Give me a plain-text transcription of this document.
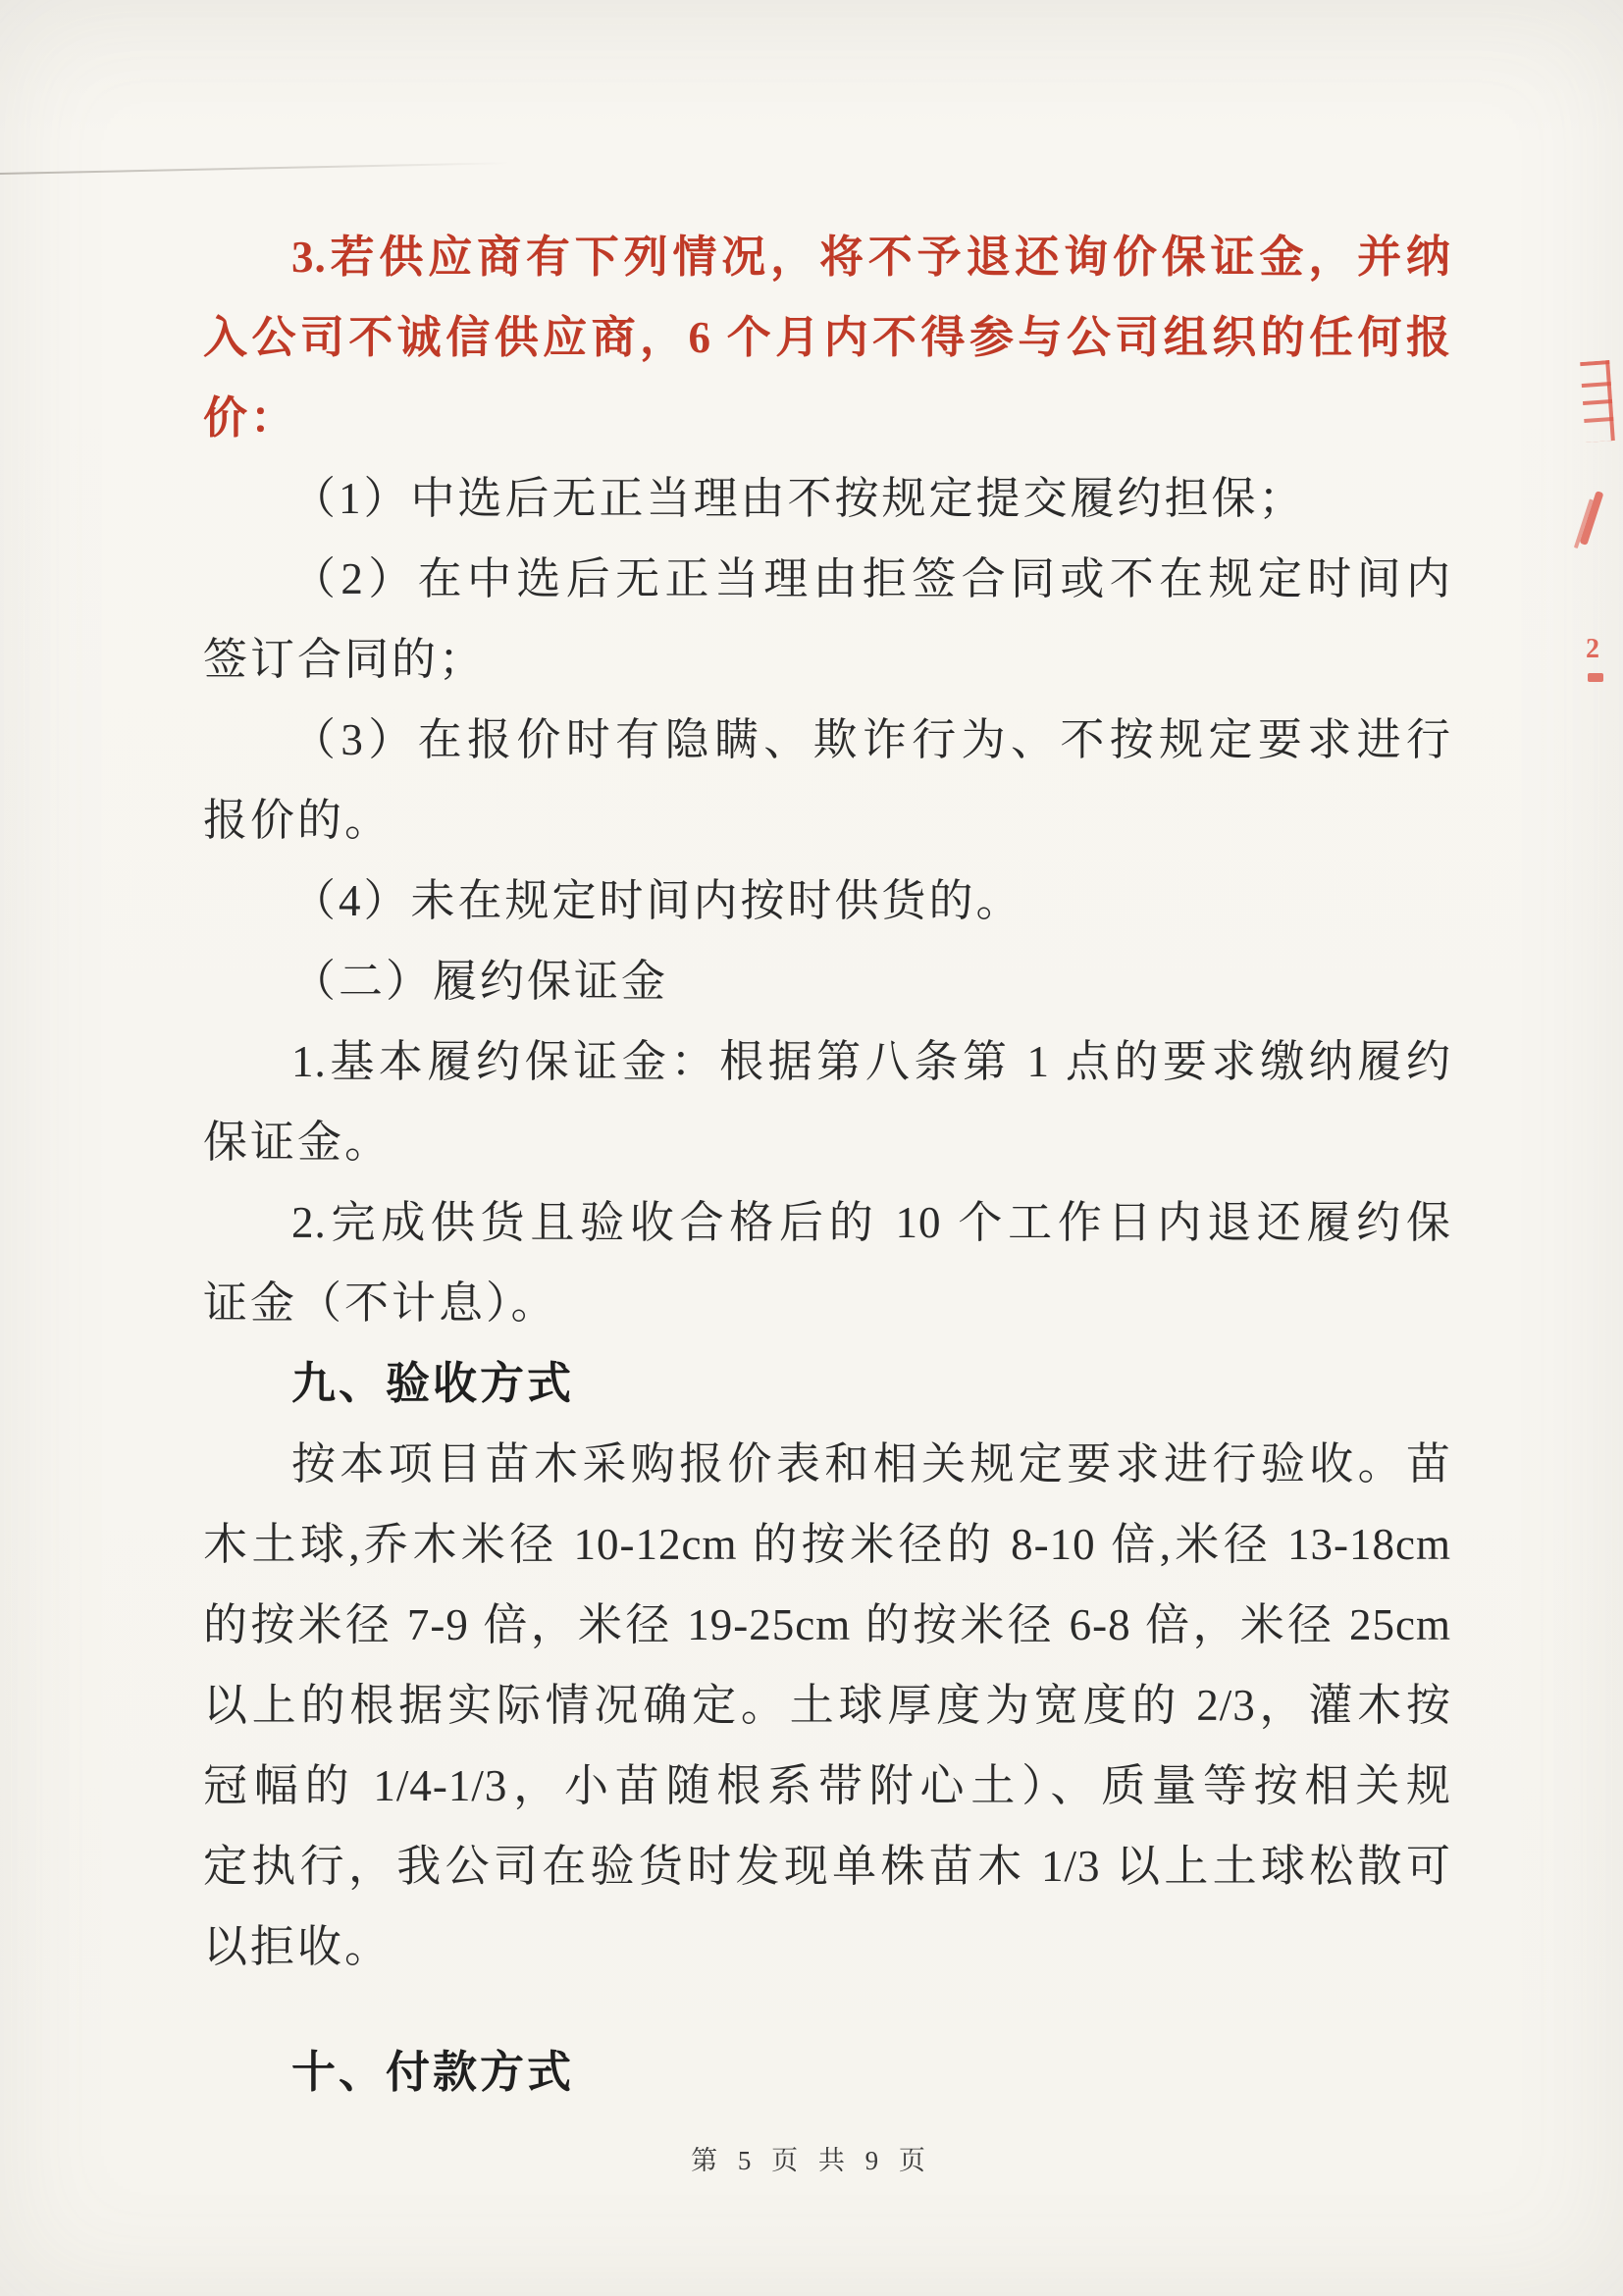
3.若供应商有下列情况，将不予退还询价保证金，并纳
入公司不诚信供应商，6 个月内不得参与公司组织的任何报
价：
（1）中选后无正当理由不按规定提交履约担保；
（2）在中选后无正当理由拒签合同或不在规定时间内
签订合同的；
（3）在报价时有隐瞒、欺诈行为、不按规定要求进行
报价的。
（4）未在规定时间内按时供货的。
（二）履约保证金
1.基本履约保证金：根据第八条第 1 点的要求缴纳履约
保证金。
2.完成供货且验收合格后的 10 个工作日内退还履约保
证金（不计息）。
九、验收方式
按本项目苗木采购报价表和相关规定要求进行验收。苗
木土球,乔木米径 10-12cm 的按米径的 8-10 倍,米径 13-18cm
的按米径 7-9 倍，米径 19-25cm 的按米径 6-8 倍，米径 25cm
以上的根据实际情况确定。土球厚度为宽度的 2/3，灌木按
冠幅的 1/4-1/3，小苗随根系带附心土）、质量等按相关规
定执行，我公司在验货时发现单株苗木 1/3 以上土球松散可
以拒收。
十、付款方式
第 5 页 共 9 页
2
